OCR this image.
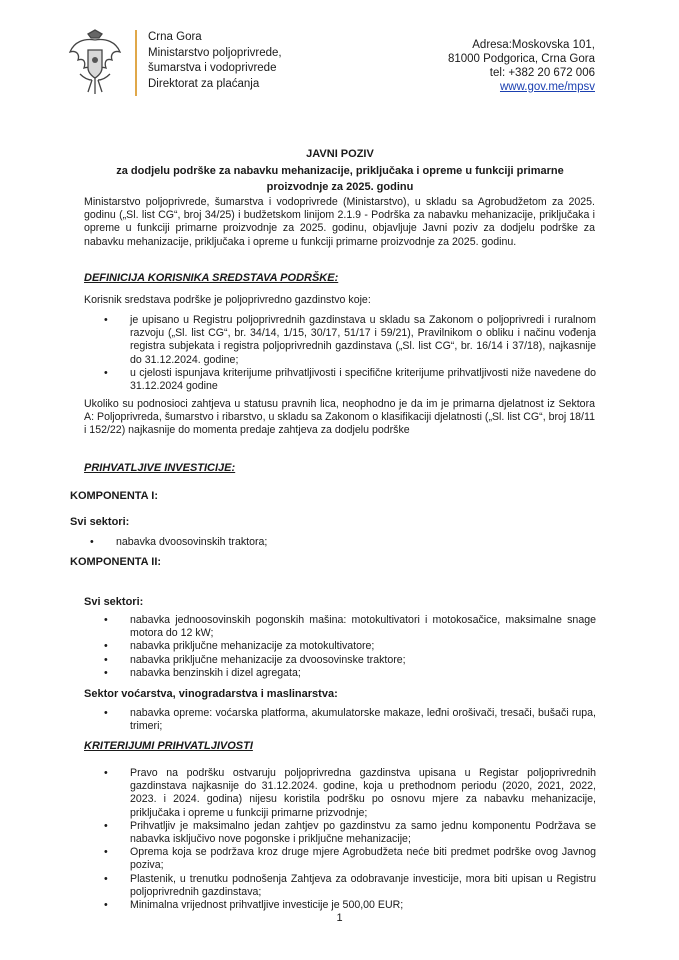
Crna Gora
Ministarstvo poljoprivrede,
šumarstva i vodoprivrede
Direktorat za plaćanja
Adresa:Moskovska 101,
81000 Podgorica, Crna Gora
tel: +382 20 672 006
www.gov.me/mpsv
JAVNI POZIV
za dodjelu podrške za nabavku mehanizacije, priključaka i opreme u funkciji primarne
proizvodnje za 2025. godinu
Ministarstvo poljoprivrede, šumarstva i vodoprivrede (Ministarstvo), u skladu sa Agrobudžetom za 2025. godinu („Sl. list CG“, broj 34/25) i budžetskom linijom 2.1.9 - Podrška za nabavku mehanizacije, priključaka i opreme u funkciji primarne proizvodnje za 2025. godinu, objavljuje Javni poziv za dodjelu podrške za nabavku mehanizacije, priključaka i opreme u funkciji primarne proizvodnje za 2025. godinu.
DEFINICIJA KORISNIKA SREDSTAVA PODRŠKE:
Korisnik sredstava podrške je poljoprivredno gazdinstvo koje:
• je upisano u Registru poljoprivrednih gazdinstava u skladu sa Zakonom o poljoprivredi i ruralnom razvoju („Sl. list CG“, br. 34/14, 1/15, 30/17, 51/17 i 59/21), Pravilnikom o obliku i načinu vođenja registra subjekata i registra poljoprivrednih gazdinstava („Sl. list CG“, br. 16/14 i 37/18), najkasnije do 31.12.2024. godine;
• u cjelosti ispunjava kriterijume prihvatljivosti i specifične kriterijume prihvatljivosti niže navedene do 31.12.2024 godine
Ukoliko su podnosioci zahtjeva u statusu pravnih lica, neophodno je da im je primarna djelatnost iz Sektora A: Poljoprivreda, šumarstvo i ribarstvo, u skladu sa Zakonom o klasifikaciji djelatnosti („Sl. list CG“, broj 18/11 i 152/22) najkasnije do momenta predaje zahtjeva za dodjelu podrške
PRIHVATLJIVE INVESTICIJE:
KOMPONENTA I:
Svi sektori:
• nabavka dvoosovinskih traktora;
KOMPONENTA II:
Svi sektori:
• nabavka jednoosovinskih pogonskih mašina: motokultivatori i motokosačice, maksimalne snage motora do 12 kW;
• nabavka priključne mehanizacije za motokultivatore;
• nabavka priključne mehanizacije za dvoosovinske traktore;
• nabavka benzinskih i dizel agregata;
Sektor voćarstva, vinogradarstva i maslinarstva:
• nabavka opreme: voćarska platforma, akumulatorske makaze, leđni orošivači, tresači, bušači rupa, trimeri;
KRITERIJUMI PRIHVATLJIVOSTI
• Pravo na podršku ostvaruju poljoprivredna gazdinstva upisana u Registar poljoprivrednih gazdinstava najkasnije do 31.12.2024. godine, koja u prethodnom periodu (2020, 2021, 2022, 2023. i 2024. godina) nijesu koristila podršku po osnovu mjere za nabavku mehanizacije, priključaka i opreme u funkciji primarne prizvodnje;
• Prihvatljiv je maksimalno jedan zahtjev po gazdinstvu za samo jednu komponentu Podržava se nabavka isključivo nove pogonske i priključne mehanizacije;
• Oprema koja se podržava kroz druge mjere Agrobudžeta neće biti predmet podrške ovog Javnog poziva;
• Plastenik, u trenutku podnošenja Zahtjeva za odobravanje investicije, mora biti upisan u Registru poljoprivrednih gazdinstava;
• Minimalna vrijednost prihvatljive investicije je 500,00 EUR;
1
